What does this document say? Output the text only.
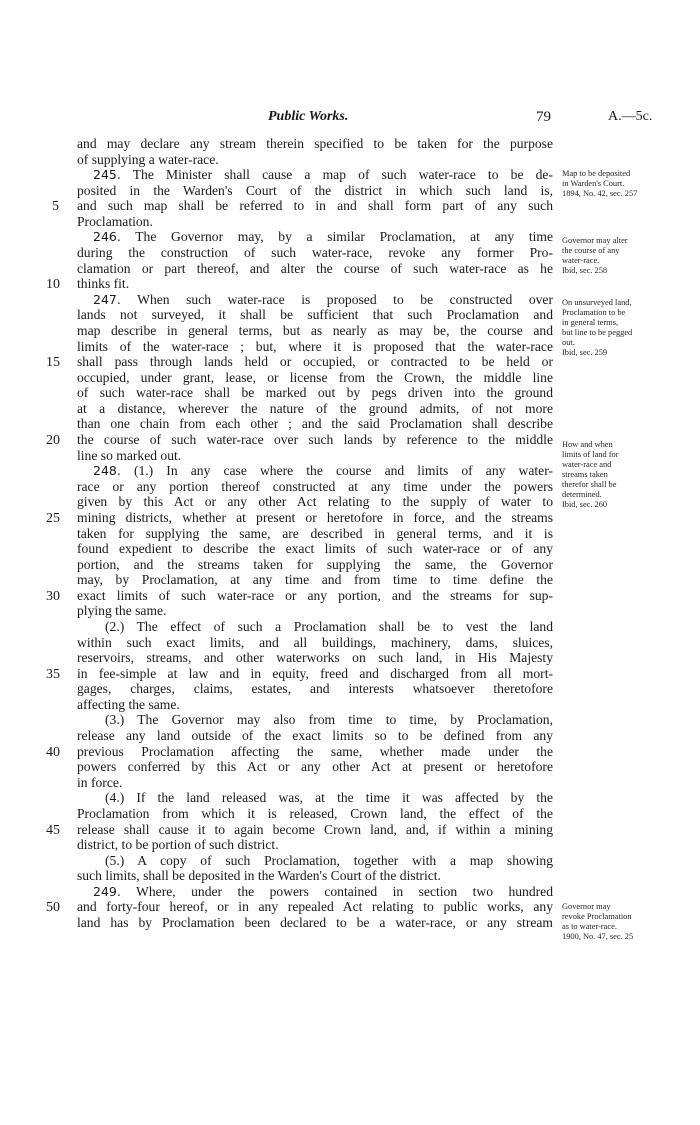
Public Works.	79	A.—5c.
and may declare any stream therein specified to be taken for the purpose
of supplying a water-race.
245. The Minister shall cause a map of such water-race to be de-
posited in the Warden's Court of the district in which such land is,
and such map shall be referred to in and shall form part of any such
Proclamation.
246. The Governor may, by a similar Proclamation, at any time
during the construction of such water-race, revoke any former Pro-
clamation or part thereof, and alter the course of such water-race as he
thinks fit.
247. When such water-race is proposed to be constructed over
lands not surveyed, it shall be sufficient that such Proclamation and
map describe in general terms, but as nearly as may be, the course and
limits of the water-race ; but, where it is proposed that the water-race
shall pass through lands held or occupied, or contracted to be held or
occupied, under grant, lease, or license from the Crown, the middle line
of such water-race shall be marked out by pegs driven into the ground
at a distance, wherever the nature of the ground admits, of not more
than one chain from each other ; and the said Proclamation shall describe
the course of such water-race over such lands by reference to the middle
line so marked out.
248. (1.) In any case where the course and limits of any water-
race or any portion thereof constructed at any time under the powers
given by this Act or any other Act relating to the supply of water to
mining districts, whether at present or heretofore in force, and the streams
taken for supplying the same, are described in general terms, and it is
found expedient to describe the exact limits of such water-race or of any
portion, and the streams taken for supplying the same, the Governor
may, by Proclamation, at any time and from time to time define the
exact limits of such water-race or any portion, and the streams for sup-
plying the same.
(2.) The effect of such a Proclamation shall be to vest the land
within such exact limits, and all buildings, machinery, dams, sluices,
reservoirs, streams, and other waterworks on such land, in His Majesty
in fee-simple at law and in equity, freed and discharged from all mort-
gages, charges, claims, estates, and interests whatsoever theretofore
affecting the same.
(3.) The Governor may also from time to time, by Proclamation,
release any land outside of the exact limits so to be defined from any
previous Proclamation affecting the same, whether made under the
powers conferred by this Act or any other Act at present or heretofore
in force.
(4.) If the land released was, at the time it was affected by the
Proclamation from which it is released, Crown land, the effect of the
release shall cause it to again become Crown land, and, if within a mining
district, to be portion of such district.
(5.) A copy of such Proclamation, together with a map showing
such limits, shall be deposited in the Warden's Court of the district.
249. Where, under the powers contained in section two hundred
and forty-four hereof, or in any repealed Act relating to public works, any
land has by Proclamation been declared to be a water-race, or any stream
5
10
15
20
25
30
35
40
45
50
Map to be deposited
in Warden's Court.
1894, No. 42, sec. 257
Governor may alter
the course of any
water-race.
Ibid, sec. 258
On unsurveyed land,
Proclamation to be
in general terms,
but line to be pegged
out.
Ibid, sec. 259
How and when
limits of land for
water-race and
streams taken
therefor shall be
determined.
Ibid, sec. 260
Governor may
revoke Proclamation
as to water-race.
1900, No. 47, sec. 25
